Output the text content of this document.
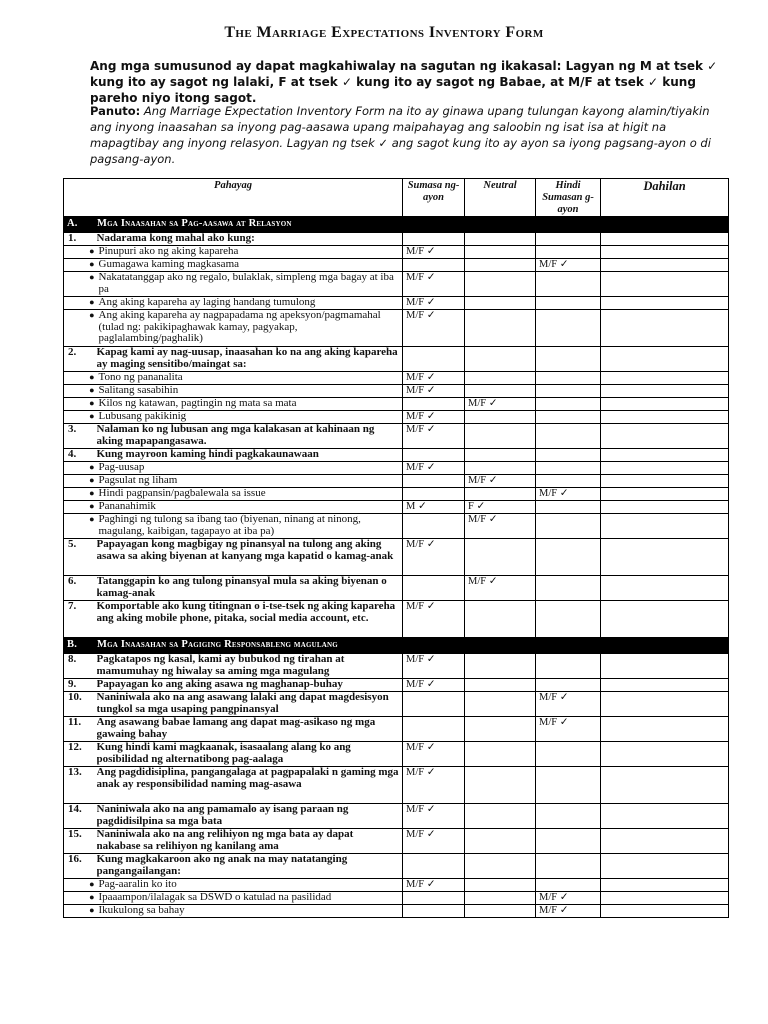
The Marriage Expectations Inventory Form
Ang mga sumusunod ay dapat magkahiwalay na sagutan ng ikakasal: Lagyan ng M at tsek ✓ kung ito ay sagot ng lalaki, F at tsek ✓ kung ito ay sagot ng Babae, at M/F at tsek ✓ kung pareho niyo itong sagot.
Panuto: Ang Marriage Expectation Inventory Form na ito ay ginawa upang tulungan kayong alamin/tiyakin ang inyong inaasahan sa inyong pag-aasawa upang maipahayag ang saloobin ng isat isa at higit na mapagtibay ang inyong relasyon. Lagyan ng tsek ✓ ang sagot kung ito ay ayon sa iyong pagsang-ayon o di pagsang-ayon.
Pahayag		Sumasa ng-ayon	Neutral	Hindi Sumasan g-ayon	Dahilan
A. Mga Inaasahan sa Pag-aasawa at Relasyon					
1.	Nadarama kong mahal ako kung:				
●	Pinupuri ako ng aking kapareha	M/F ✓			
●	Gumagawa kaming magkasama			M/F ✓	
●	Nakatatanggap ako ng regalo, bulaklak, simpleng mga bagay at iba pa	M/F ✓			
●	Ang aking kapareha ay laging handang tumulong	M/F ✓			
●	Ang aking kapareha ay nagpapadama ng apeksyon/pagmamahal (tulad ng: pakikipaghawak kamay, pagyakap, paglalambing/paghalik)	M/F ✓			
2.	Kapag kami ay nag-uusap, inaasahan ko na ang aking kapareha ay maging sensitibo/maingat sa:				
●	Tono ng pananalita	M/F ✓			
●	Salitang sasabihin	M/F ✓			
●	Kilos ng katawan, pagtingin ng mata sa mata		M/F ✓		
●	Lubusang pakikinig	M/F ✓			
3.	Nalaman ko ng lubusan ang mga kalakasan at kahinaan ng aking mapapangasawa.	M/F ✓			
4.	Kung mayroon kaming hindi pagkakaunawaan				
●	Pag-uusap	M/F ✓			
●	Pagsulat ng liham		M/F ✓		
●	Hindi pagpansin/pagbalewala sa issue			M/F ✓	
●	Pananahimik	M ✓	F ✓		
●	Paghingi ng tulong sa ibang tao (biyenan, ninang at ninong, magulang, kaibigan, tagapayo at iba pa)		M/F ✓		
5.	Papayagan kong magbigay ng pinansyal na tulong ang aking asawa sa aking biyenan at kanyang mga kapatid o kamag-anak	M/F ✓			
6.	Tatanggapin ko ang tulong pinansyal mula sa aking biyenan o kamag-anak		M/F ✓		
7.	Komportable ako kung titingnan o i-tse-tsek ng aking kapareha ang aking mobile phone, pitaka, social media account, etc.	M/F ✓			
B. Mga Inaasahan sa Pagiging Responsableng magulang					
8.	Pagkatapos ng kasal, kami ay bubukod ng tirahan at mamumuhay ng hiwalay sa aming mga magulang	M/F ✓			
9.	Papayagan ko ang aking asawa ng maghanap-buhay	M/F ✓			
10.	Naniniwala ako na ang asawang lalaki ang dapat magdesisyon tungkol sa mga usaping pangpinansyal			M/F ✓	
11.	Ang asawang babae lamang ang dapat mag-asikaso ng mga gawaing bahay			M/F ✓	
12.	Kung hindi kami magkaanak, isasaalang alang ko ang posibilidad ng alternatibong pag-aalaga	M/F ✓			
13.	Ang pagdidisiplina, pangangalaga at pagpapalaki n gaming mga anak ay responsibilidad naming mag-asawa	M/F ✓			
14.	Naniniwala ako na ang pamamalo ay isang paraan ng pagdidisilpina sa mga bata	M/F ✓			
15.	Naniniwala ako na ang relihiyon ng mga bata ay dapat nakabase sa relihiyon ng kanilang ama	M/F ✓			
16.	Kung magkakaroon ako ng anak na may natatanging pangangailangan:				
●	Pag-aaralin ko ito	M/F ✓			
●	Ipaaampon/ilalagak sa DSWD o katulad na pasilidad			M/F ✓	
●	Ikukulong sa bahay			M/F ✓	
